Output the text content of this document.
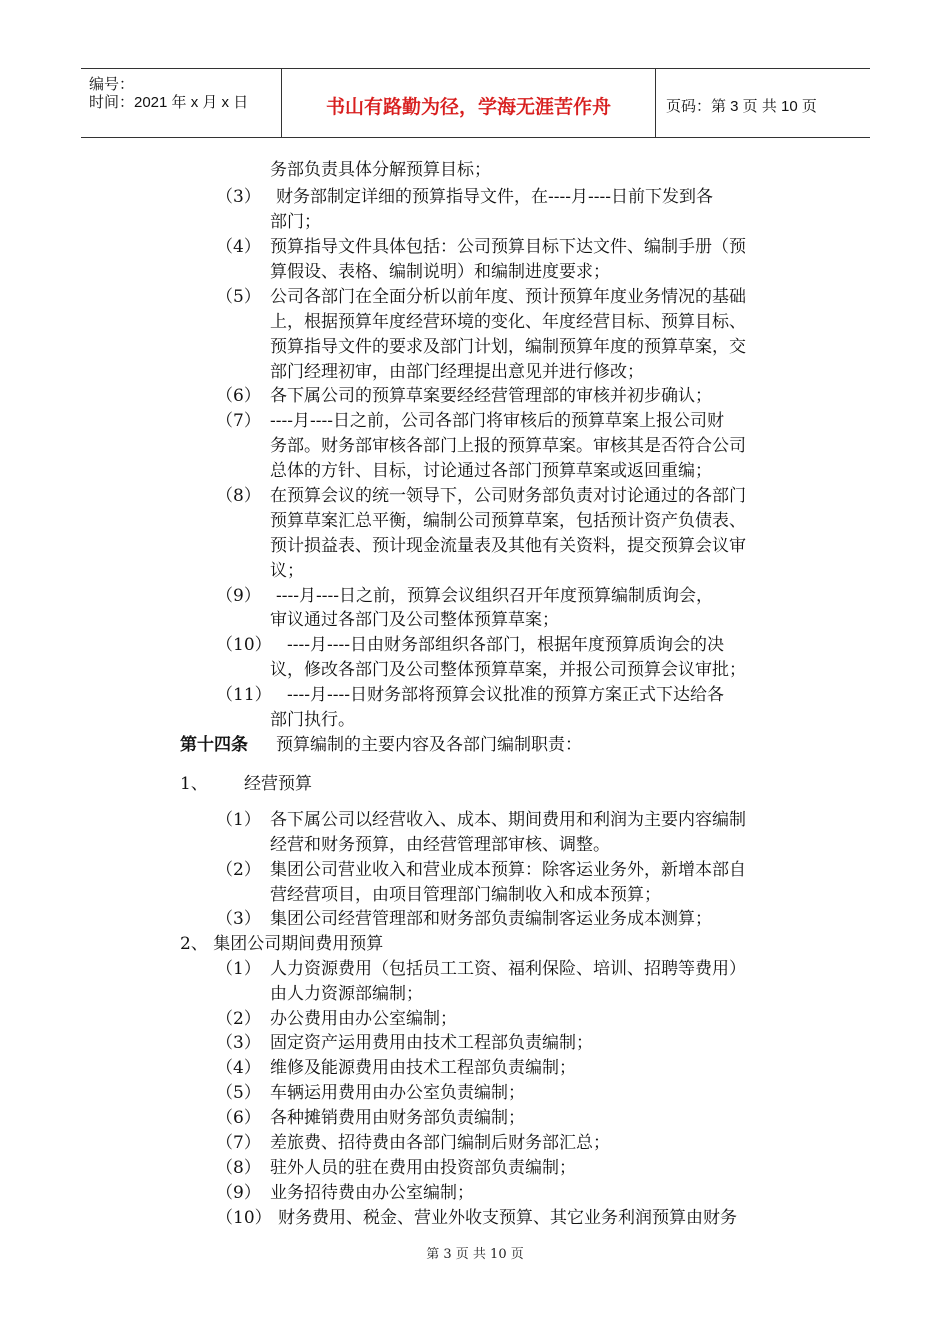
编号：
时间：2021 年 x 月 x 日	书山有路勤为径，学海无涯苦作舟	页码：第 3 页 共 10 页
务部负责具体分解预算目标；
（3） 财务部制定详细的预算指导文件，在----月----日前下发到各
部门；
（4） 预算指导文件具体包括：公司预算目标下达文件、编制手册（预
算假设、表格、编制说明）和编制进度要求；
（5） 公司各部门在全面分析以前年度、预计预算年度业务情况的基础
上，根据预算年度经营环境的变化、年度经营目标、预算目标、
预算指导文件的要求及部门计划，编制预算年度的预算草案，交
部门经理初审，由部门经理提出意见并进行修改；
（6） 各下属公司的预算草案要经经营管理部的审核并初步确认；
（7） ----月----日之前，公司各部门将审核后的预算草案上报公司财
务部。财务部审核各部门上报的预算草案。审核其是否符合公司
总体的方针、目标，讨论通过各部门预算草案或返回重编；
（8） 在预算会议的统一领导下，公司财务部负责对讨论通过的各部门
预算草案汇总平衡，编制公司预算草案，包括预计资产负债表、
预计损益表、预计现金流量表及其他有关资料，提交预算会议审
议；
（9） ----月----日之前，预算会议组织召开年度预算编制质询会，
审议通过各部门及公司整体预算草案；
（10） ----月----日由财务部组织各部门，根据年度预算质询会的决
议，修改各部门及公司整体预算草案，并报公司预算会议审批；
（11） ----月----日财务部将预算会议批准的预算方案正式下达给各
部门执行。
第十四条 预算编制的主要内容及各部门编制职责：
1、 经营预算
（1） 各下属公司以经营收入、成本、期间费用和利润为主要内容编制
经营和财务预算，由经营管理部审核、调整。
（2） 集团公司营业收入和营业成本预算：除客运业务外，新增本部自
营经营项目，由项目管理部门编制收入和成本预算；
（3） 集团公司经营管理部和财务部负责编制客运业务成本测算；
2、 集团公司期间费用预算
（1） 人力资源费用（包括员工工资、福利保险、培训、招聘等费用）
由人力资源部编制；
（2） 办公费用由办公室编制；
（3） 固定资产运用费用由技术工程部负责编制；
（4） 维修及能源费用由技术工程部负责编制；
（5） 车辆运用费用由办公室负责编制；
（6） 各种摊销费用由财务部负责编制；
（7） 差旅费、招待费由各部门编制后财务部汇总；
（8） 驻外人员的驻在费用由投资部负责编制；
（9） 业务招待费由办公室编制；
（10） 财务费用、税金、营业外收支预算、其它业务利润预算由财务
第 3 页 共 10 页
